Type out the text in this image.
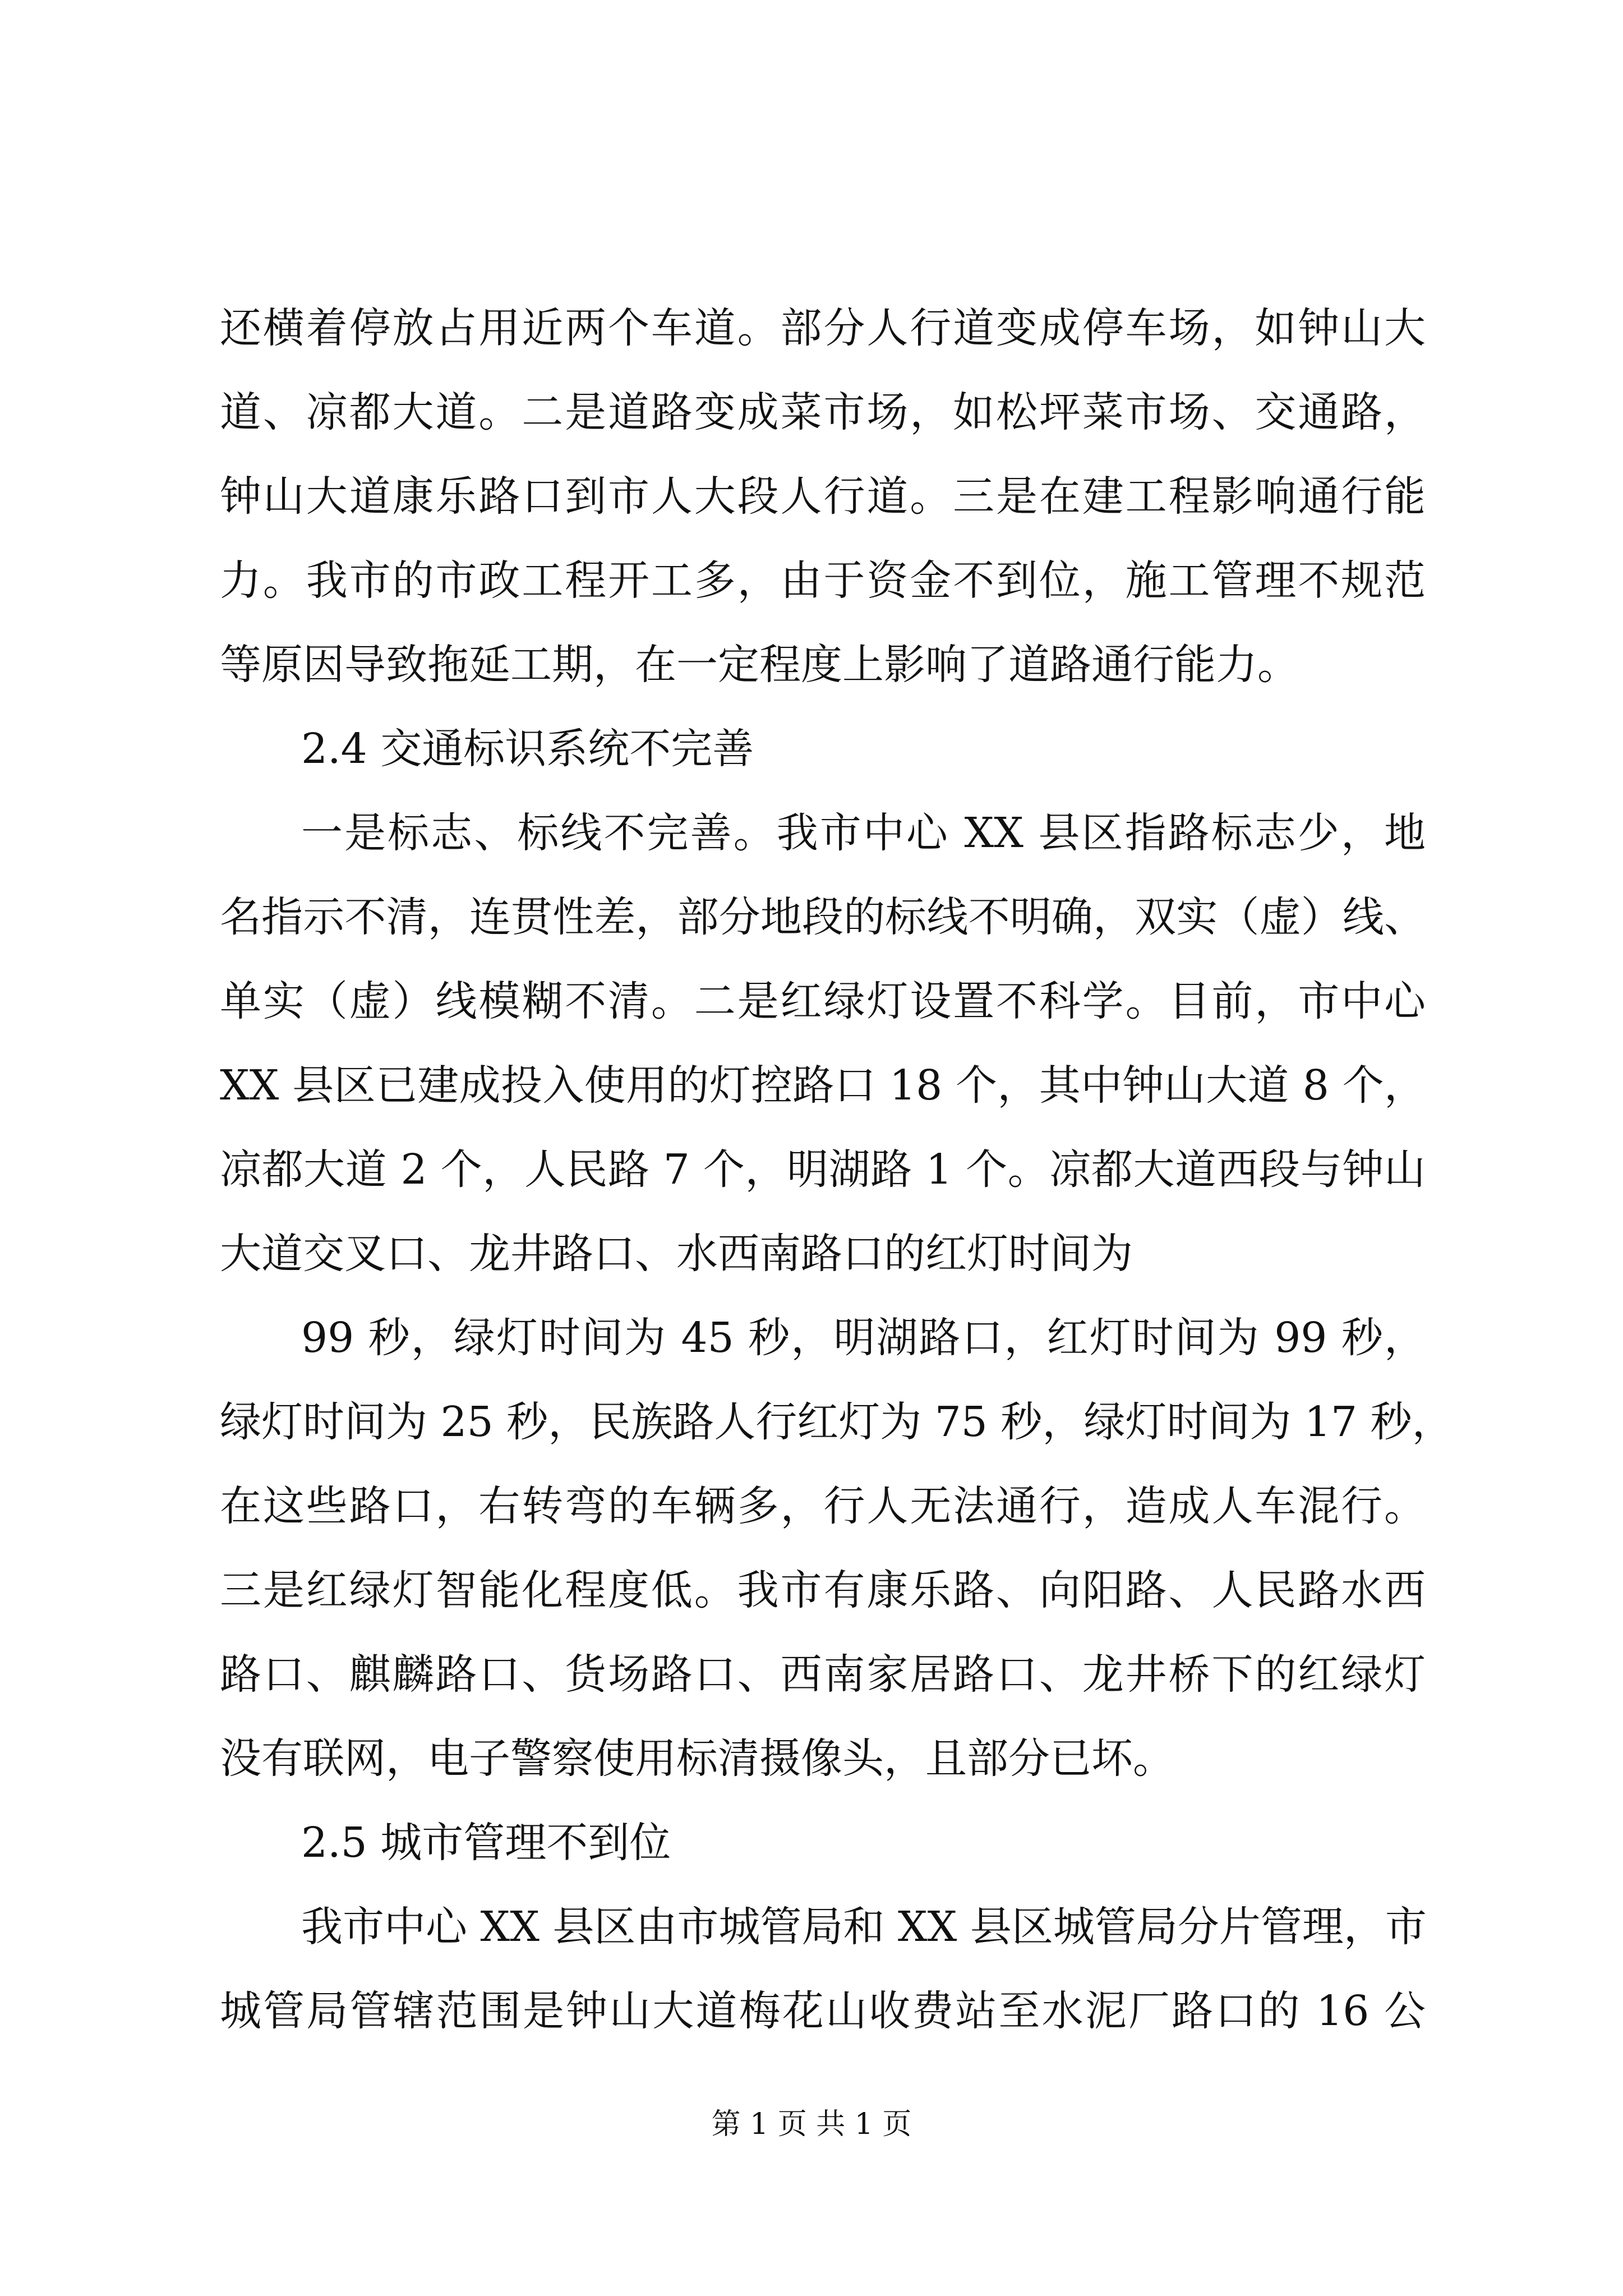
还横着停放占用近两个车道。部分人行道变成停车场，如钟山大
道、凉都大道。二是道路变成菜市场，如松坪菜市场、交通路，
钟山大道康乐路口到市人大段人行道。三是在建工程影响通行能
力。我市的市政工程开工多，由于资金不到位，施工管理不规范
等原因导致拖延工期，在一定程度上影响了道路通行能力。
2.4 交通标识系统不完善
一是标志、标线不完善。我市中心 XX 县区指路标志少，地
名指示不清，连贯性差，部分地段的标线不明确，双实（虚）线、
单实（虚）线模糊不清。二是红绿灯设置不科学。目前，市中心
XX 县区已建成投入使用的灯控路口 18 个，其中钟山大道 8 个，
凉都大道 2 个，人民路 7 个，明湖路 1 个。凉都大道西段与钟山
大道交叉口、龙井路口、水西南路口的红灯时间为
99 秒，绿灯时间为 45 秒，明湖路口，红灯时间为 99 秒，
绿灯时间为 25 秒，民族路人行红灯为 75 秒，绿灯时间为 17 秒，
在这些路口，右转弯的车辆多，行人无法通行，造成人车混行。
三是红绿灯智能化程度低。我市有康乐路、向阳路、人民路水西
路口、麒麟路口、货场路口、西南家居路口、龙井桥下的红绿灯
没有联网，电子警察使用标清摄像头，且部分已坏。
2.5 城市管理不到位
我市中心 XX 县区由市城管局和 XX 县区城管局分片管理，市
城管局管辖范围是钟山大道梅花山收费站至水泥厂路口的 16 公
第 1 页 共 1 页
